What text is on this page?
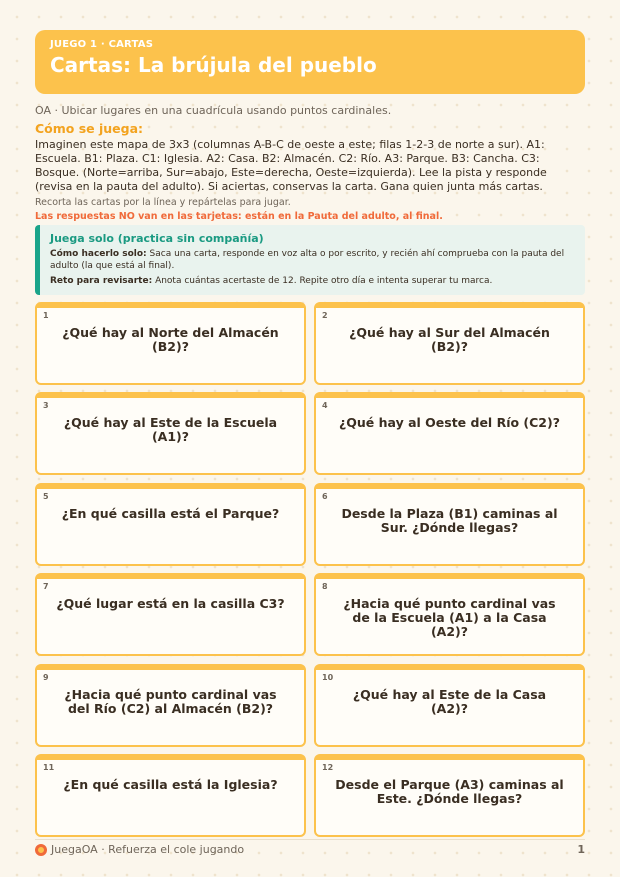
JUEGO 1 · CARTAS
Cartas: La brújula del pueblo
OA · Ubicar lugares en una cuadrícula usando puntos cardinales.
Cómo se juega:
Imaginen este mapa de 3x3 (columnas A-B-C de oeste a este; filas 1-2-3 de norte a sur). A1: Escuela. B1: Plaza. C1: Iglesia. A2: Casa. B2: Almacén. C2: Río. A3: Parque. B3: Cancha. C3: Bosque. (Norte=arriba, Sur=abajo, Este=derecha, Oeste=izquierda). Lee la pista y responde (revisa en la pauta del adulto). Si aciertas, conservas la carta. Gana quien junta más cartas.
Recorta las cartas por la línea y repártelas para jugar.
Las respuestas NO van en las tarjetas: están en la Pauta del adulto, al final.
Juega solo (practica sin compañía)
Cómo hacerlo solo: Saca una carta, responde en voz alta o por escrito, y recién ahí comprueba con la pauta del adulto (la que está al final).
Reto para revisarte: Anota cuántas acertaste de 12. Repite otro día e intenta superar tu marca.
1
¿Qué hay al Norte del Almacén (B2)?
2
¿Qué hay al Sur del Almacén (B2)?
3
¿Qué hay al Este de la Escuela (A1)?
4
¿Qué hay al Oeste del Río (C2)?
5
¿En qué casilla está el Parque?
6
Desde la Plaza (B1) caminas al Sur. ¿Dónde llegas?
7
¿Qué lugar está en la casilla C3?
8
¿Hacia qué punto cardinal vas de la Escuela (A1) a la Casa (A2)?
9
¿Hacia qué punto cardinal vas del Río (C2) al Almacén (B2)?
10
¿Qué hay al Este de la Casa (A2)?
11
¿En qué casilla está la Iglesia?
12
Desde el Parque (A3) caminas al Este. ¿Dónde llegas?
JuegaOA · Refuerza el cole jugando	1
